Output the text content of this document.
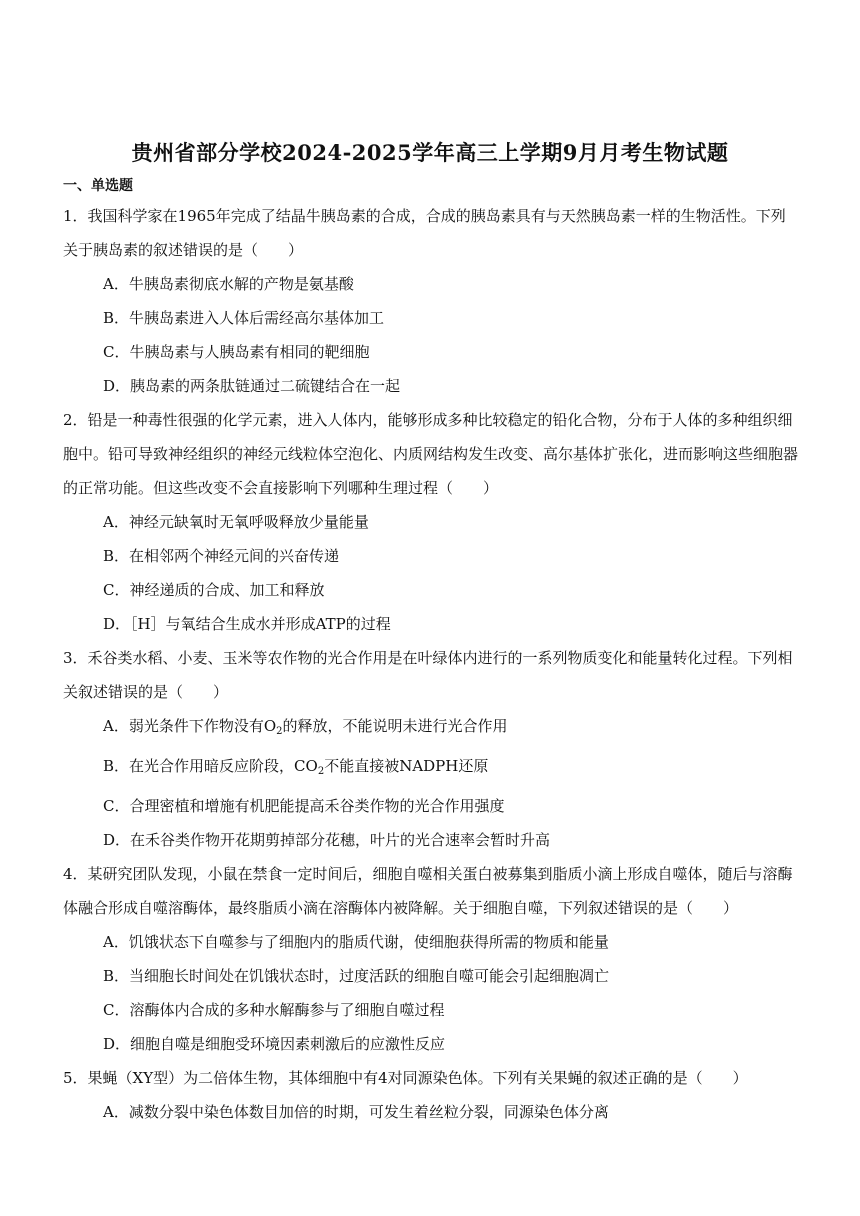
贵州省部分学校2024-2025学年高三上学期9月月考生物试题
一、单选题

1．我国科学家在1965年完成了结晶牛胰岛素的合成，合成的胰岛素具有与天然胰岛素一样的生物活性。下列关于胰岛素的叙述错误的是（　　）

A．牛胰岛素彻底水解的产物是氨基酸

B．牛胰岛素进入人体后需经高尔基体加工

C．牛胰岛素与人胰岛素有相同的靶细胞

D．胰岛素的两条肽链通过二硫键结合在一起

2．铅是一种毒性很强的化学元素，进入人体内，能够形成多种比较稳定的铅化合物，分布于人体的多种组织细胞中。铅可导致神经组织的神经元线粒体空泡化、内质网结构发生改变、高尔基体扩张化，进而影响这些细胞器的正常功能。但这些改变不会直接影响下列哪种生理过程（　　）

A．神经元缺氧时无氧呼吸释放少量能量

B．在相邻两个神经元间的兴奋传递

C．神经递质的合成、加工和释放

D．［H］与氧结合生成水并形成ATP的过程

3．禾谷类水稻、小麦、玉米等农作物的光合作用是在叶绿体内进行的一系列物质变化和能量转化过程。下列相关叙述错误的是（　　）

A．弱光条件下作物没有$O_2$的释放，不能说明未进行光合作用

B．在光合作用暗反应阶段，$CO_2$不能直接被NADPH还原

C．合理密植和增施有机肥能提高禾谷类作物的光合作用强度

D．在禾谷类作物开花期剪掉部分花穗，叶片的光合速率会暂时升高

4．某研究团队发现，小鼠在禁食一定时间后，细胞自噬相关蛋白被募集到脂质小滴上形成自噬体，随后与溶酶体融合形成自噬溶酶体，最终脂质小滴在溶酶体内被降解。关于细胞自噬，下列叙述错误的是（　　）

A．饥饿状态下自噬参与了细胞内的脂质代谢，使细胞获得所需的物质和能量

B．当细胞长时间处在饥饿状态时，过度活跃的细胞自噬可能会引起细胞凋亡

C．溶酶体内合成的多种水解酶参与了细胞自噬过程

D．细胞自噬是细胞受环境因素刺激后的应激性反应

5．果蝇（XY型）为二倍体生物，其体细胞中有4对同源染色体。下列有关果蝇的叙述正确的是（　　）

A．减数分裂中染色体数目加倍的时期，可发生着丝粒分裂，同源染色体分离
